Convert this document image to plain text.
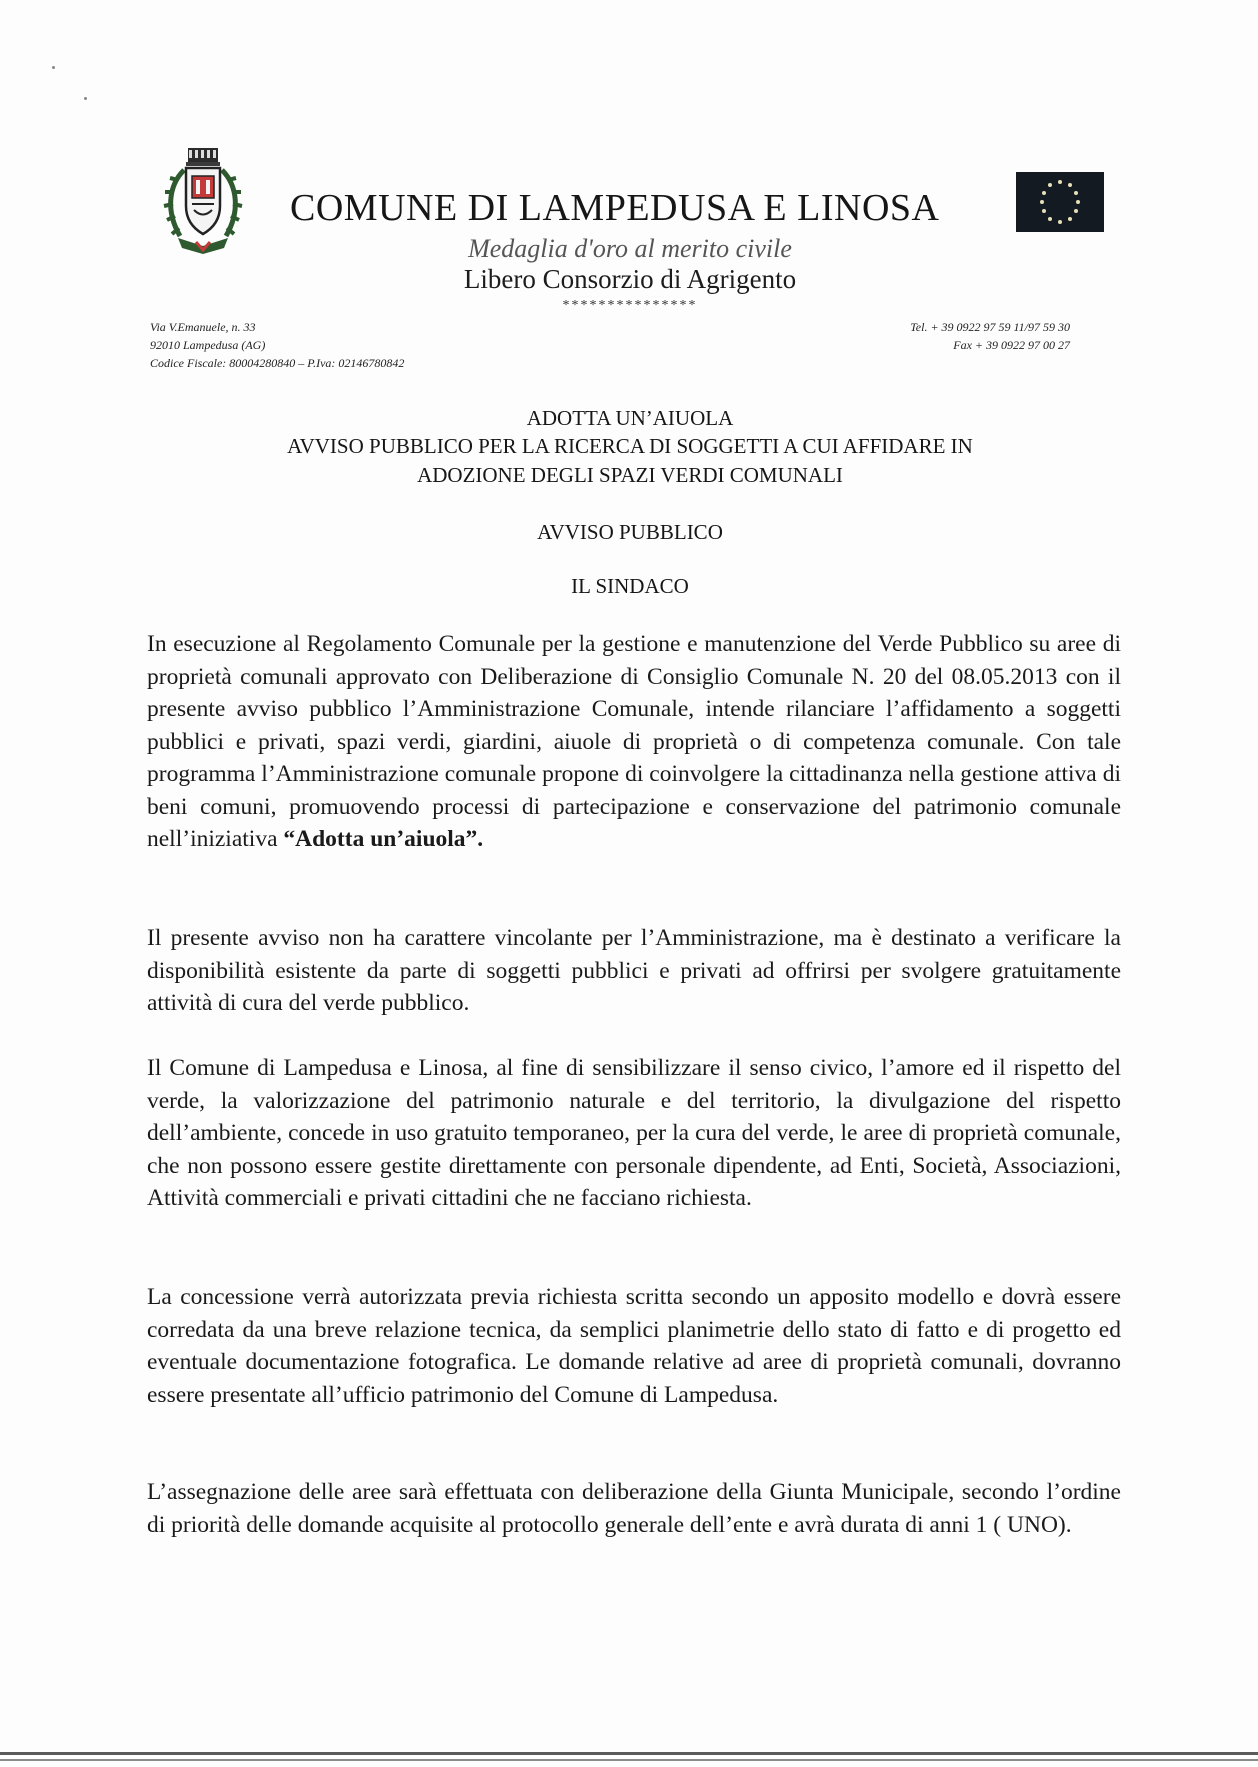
COMUNE DI LAMPEDUSA E LINOSA
Medaglia d'oro al merito civile
Libero Consorzio di Agrigento
***************
Via V.Emanuele, n. 33
92010 Lampedusa (AG)
Codice Fiscale: 80004280840 – P.Iva: 02146780842
Tel. + 39 0922 97 59 11/97 59 30
Fax + 39 0922 97 00 27
ADOTTA UN’AIUOLA
AVVISO PUBBLICO PER LA RICERCA DI SOGGETTI A CUI AFFIDARE IN
ADOZIONE DEGLI SPAZI VERDI COMUNALI
AVVISO PUBBLICO
IL SINDACO

In esecuzione al Regolamento Comunale per la gestione e manutenzione del Verde Pubblico su aree di proprietà comunali approvato con Deliberazione di Consiglio Comunale N. 20 del 08.05.2013 con il presente avviso pubblico l’Amministrazione Comunale, intende rilanciare l’affidamento a soggetti pubblici e privati, spazi verdi, giardini, aiuole di proprietà o di competenza comunale. Con tale programma l’Amministrazione comunale propone di coinvolgere la cittadinanza nella gestione attiva di beni comuni, promuovendo processi di partecipazione e conservazione del patrimonio comunale nell’iniziativa “Adotta un’aiuola”.

Il presente avviso non ha carattere vincolante per l’Amministrazione, ma è destinato a verificare la disponibilità esistente da parte di soggetti pubblici e privati ad offrirsi per svolgere gratuitamente attività di cura del verde pubblico.

Il Comune di Lampedusa e Linosa, al fine di sensibilizzare il senso civico, l’amore ed il rispetto del verde, la valorizzazione del patrimonio naturale e del territorio, la divulgazione del rispetto dell’ambiente, concede in uso gratuito temporaneo, per la cura del verde, le aree di proprietà comunale, che non possono essere gestite direttamente con personale dipendente, ad Enti, Società, Associazioni, Attività commerciali e privati cittadini che ne facciano richiesta.

La concessione verrà autorizzata previa richiesta scritta secondo un apposito modello e dovrà essere corredata da una breve relazione tecnica, da semplici planimetrie dello stato di fatto e di progetto ed eventuale documentazione fotografica. Le domande relative ad aree di proprietà comunali, dovranno essere presentate all’ufficio patrimonio del Comune di Lampedusa.

L’assegnazione delle aree sarà effettuata con deliberazione della Giunta Municipale, secondo l’ordine di priorità delle domande acquisite al protocollo generale dell’ente e avrà durata di anni 1 ( UNO).
